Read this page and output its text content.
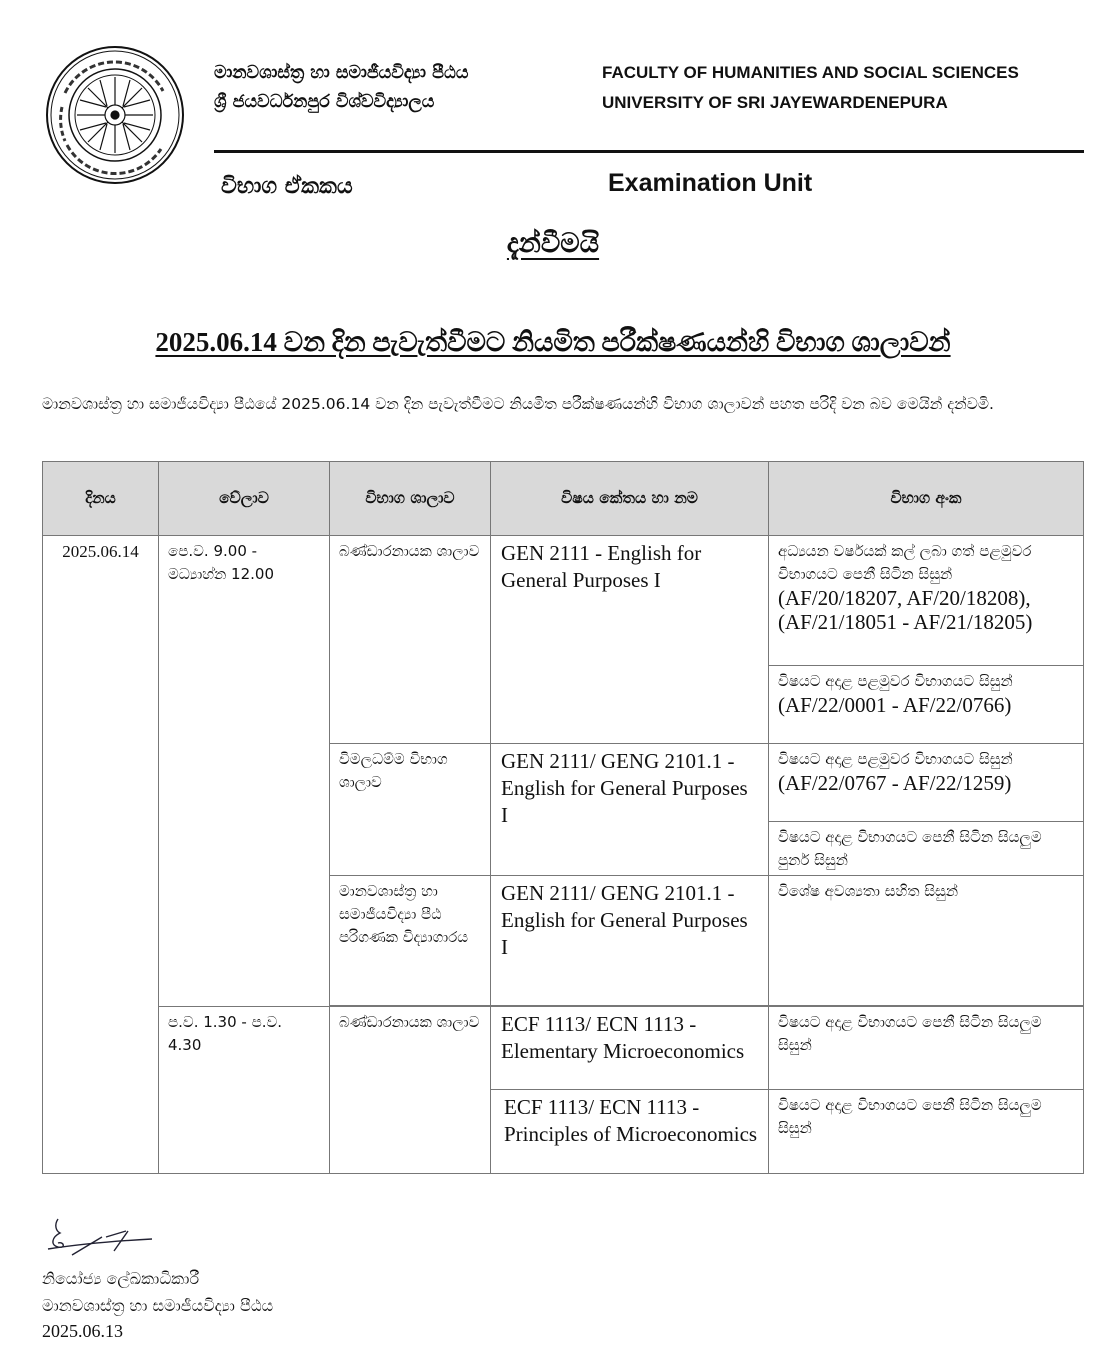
මානවශාස්ත්‍ර හා සමාජීයවිද්‍යා පීඨය
ශ්‍රී ජයවර්ධනපුර විශ්වවිද්‍යාලය
FACULTY OF HUMANITIES AND SOCIAL SCIENCES
UNIVERSITY OF SRI JAYEWARDENEPURA
විභාග ඒකකය	Examination Unit
දැන්වීමයි
2025.06.14 වන දින පැවැත්වීමට නියමිත පරීක්ෂණයන්හි විභාග ශාලාවන්
මානවශාස්ත්‍ර හා සමාජීයවිද්‍යා පීඨයේ 2025.06.14 වන දින පැවැත්වීමට නියමිත පරීක්ෂණයන්හි විභාග ශාලාවන් පහත පරිදි වන බව මෙයින් දන්වමි.
දිනය	වේලාව	විභාග ශාලාව	විෂය කේතය හා නම	විභාග අංක
2025.06.14	පෙ.ව. 9.00 - මධ්‍යාහ්න 12.00	බණ්ඩාරනායක ශාලාව	GEN 2111 - English for General Purposes I	අධ්‍යයන වර්ෂයක් කල් ලබා ගත් පළමුවර විභාගයට පෙනී සිටින සිසුන්
(AF/20/18207, AF/20/18208),
(AF/21/18051 - AF/21/18205)

				විෂයට අදාළ පළමුවර විභාගයට සිසුන්
(AF/22/0001 - AF/22/0766)

		විමලධම්ම විභාග ශාලාව	GEN 2111/ GENG 2101.1 - English for General Purposes I	විෂයට අදාළ පළමුවර විභාගයට සිසුන්
(AF/22/0767 - AF/22/1259)

				විෂයට අදාළ විභාගයට පෙනී සිටින සියලුම පුනර් සිසුන්
		මානවශාස්ත්‍ර හා සමාජීයවිද්‍යා පීඨ පරිගණක විද්‍යාගාරය	GEN 2111/ GENG 2101.1 - English for General Purposes I	විශේෂ අවශ්‍යතා සහිත සිසුන්

	ප.ව. 1.30 - ප.ව. 4.30	බණ්ඩාරනායක ශාලාව	ECF 1113/ ECN 1113 - Elementary Microeconomics	විෂයට අදාළ විභාගයට පෙනී සිටින සියලුම සිසුන්
			ECF 1113/ ECN 1113 - Principles of Microeconomics	විෂයට අදාළ විභාගයට පෙනී සිටින සියලුම සිසුන්
නියෝජ්‍ය ලේඛකාධිකාරී
මානවශාස්ත්‍ර හා සමාජීයවිද්‍යා පීඨය
2025.06.13
